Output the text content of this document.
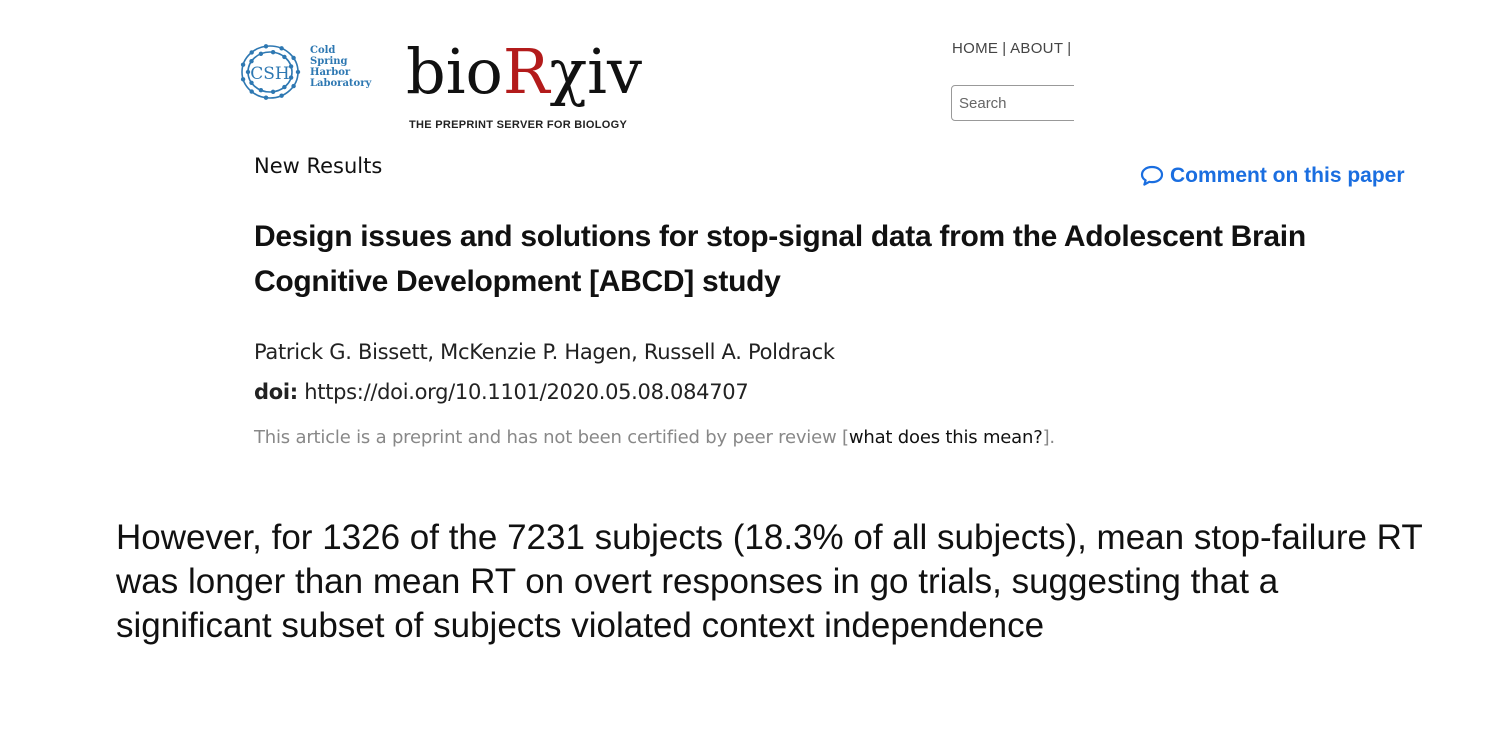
CSH
Cold
Spring
Harbor
Laboratory bioRχiv
THE PREPRINT SERVER FOR BIOLOGY
HOME | ABOUT |
Search
New Results	Comment on this paper
Design issues and solutions for stop-signal data from the Adolescent Brain Cognitive Development [ABCD] study
Patrick G. Bissett, McKenzie P. Hagen, Russell A. Poldrack
doi: https://doi.org/10.1101/2020.05.08.084707
This article is a preprint and has not been certified by peer review [what does this mean?].

However, for 1326 of the 7231 subjects (18.3% of all subjects), mean stop-failure RT was longer than mean RT on overt responses in go trials, suggesting that a significant subset of subjects violated context independence
